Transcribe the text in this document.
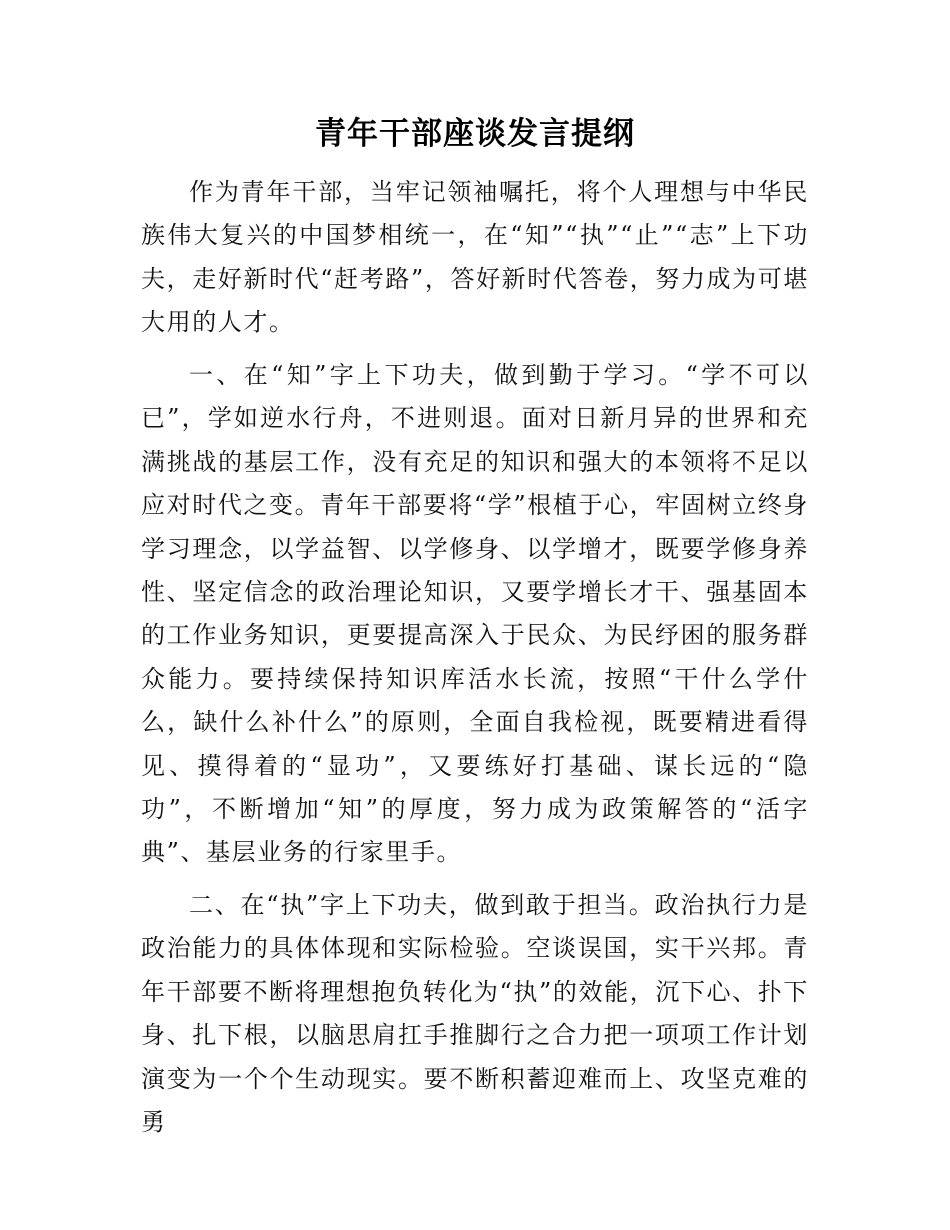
青年干部座谈发言提纲

作为青年干部，当牢记领袖嘱托，将个人理想与中华民族伟大复兴的中国梦相统一，在“知”“执”“止”“志”上下功夫，走好新时代“赶考路”，答好新时代答卷，努力成为可堪大用的人才。

一、在“知”字上下功夫，做到勤于学习。“学不可以已”，学如逆水行舟，不进则退。面对日新月异的世界和充满挑战的基层工作，没有充足的知识和强大的本领将不足以应对时代之变。青年干部要将“学”根植于心，牢固树立终身学习理念，以学益智、以学修身、以学增才，既要学修身养性、坚定信念的政治理论知识，又要学增长才干、强基固本的工作业务知识，更要提高深入于民众、为民纾困的服务群众能力。要持续保持知识库活水长流，按照“干什么学什么，缺什么补什么”的原则，全面自我检视，既要精进看得见、摸得着的“显功”，又要练好打基础、谋长远的“隐功”，不断增加“知”的厚度，努力成为政策解答的“活字典”、基层业务的行家里手。

二、在“执”字上下功夫，做到敢于担当。政治执行力是政治能力的具体体现和实际检验。空谈误国，实干兴邦。青年干部要不断将理想抱负转化为“执”的效能，沉下心、扑下身、扎下根，以脑思肩扛手推脚行之合力把一项项工作计划演变为一个个生动现实。要不断积蓄迎难而上、攻坚克难的勇
